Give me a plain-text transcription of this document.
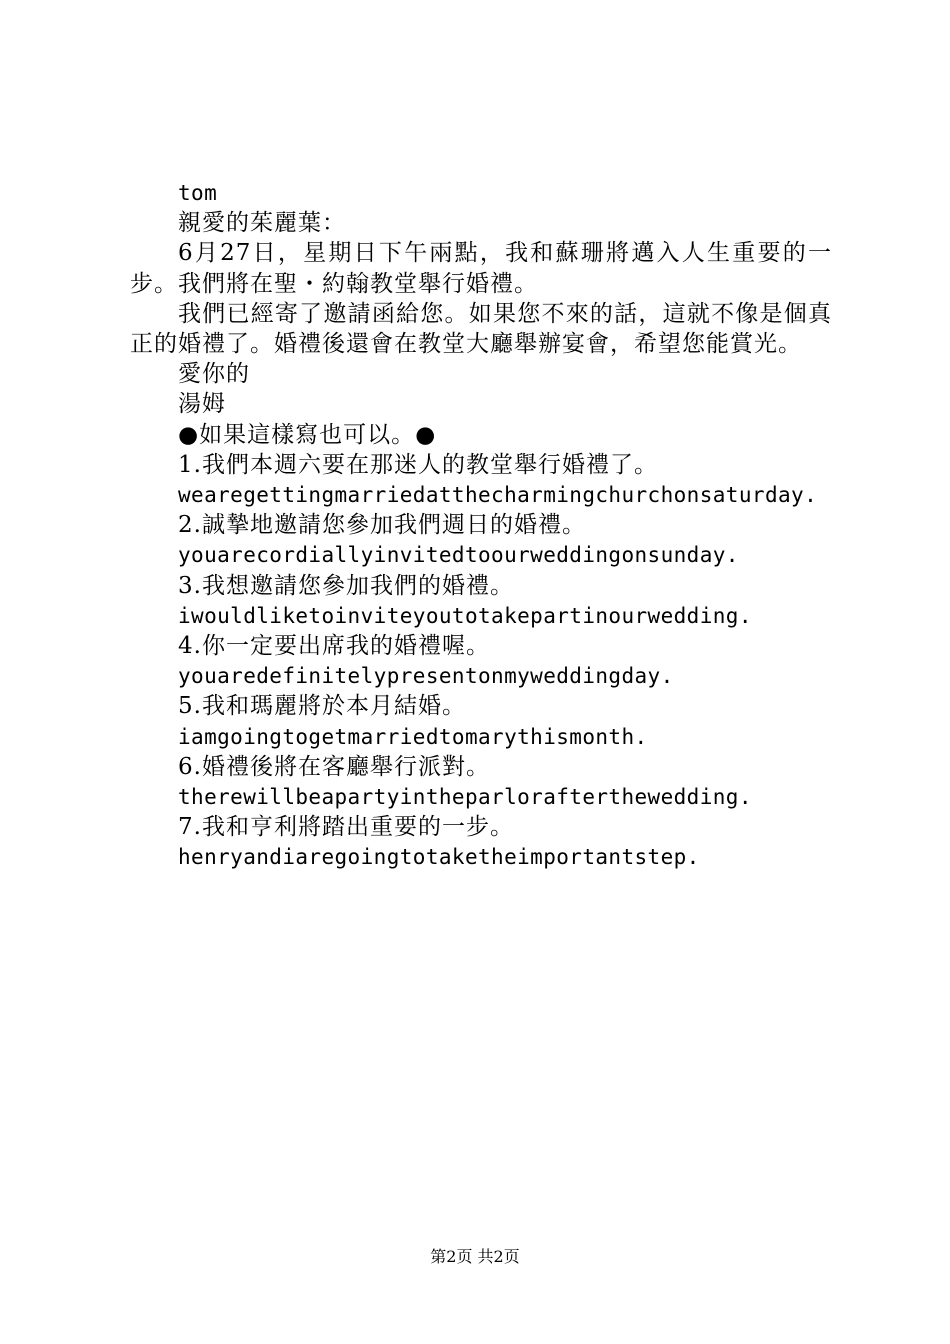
tom

親愛的茱麗葉：

6月27日，星期日下午兩點，我和蘇珊將邁入人生重要的一步。我們將在聖・約翰教堂舉行婚禮。

我們已經寄了邀請函給您。如果您不來的話，這就不像是個真正的婚禮了。婚禮後還會在教堂大廳舉辦宴會，希望您能賞光。

愛你的

湯姆

●如果這樣寫也可以。●

1.我們本週六要在那迷人的教堂舉行婚禮了。

wearegettingmarriedatthecharmingchurchonsaturday.

2.誠摯地邀請您參加我們週日的婚禮。

youarecordiallyinvitedtoourweddingonsunday.

3.我想邀請您參加我們的婚禮。

iwouldliketoinviteyoutotakepartinourwedding.

4.你一定要出席我的婚禮喔。

youaredefinitelypresentonmyweddingday.

5.我和瑪麗將於本月結婚。

iamgoingtogetmarriedtomarythismonth.

6.婚禮後將在客廳舉行派對。

therewillbeapartyintheparlorafterthewedding.

7.我和亨利將踏出重要的一步。

henryandiaregoingtotaketheimportantstep.

第2页 共2页
